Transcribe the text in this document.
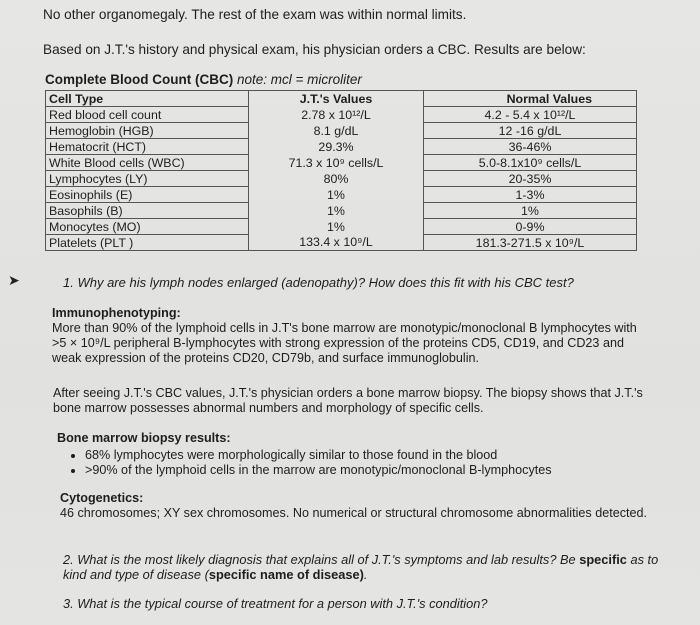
No other organomegaly. The rest of the exam was within normal limits.
Based on J.T.'s history and physical exam, his physician orders a CBC. Results are below:
Complete Blood Count (CBC) note: mcl = microliter
Cell Type	J.T.'s Values	Normal Values
Red blood cell count	2.78 x 10¹²/L	4.2 - 5.4 x 10¹²/L
Hemoglobin (HGB)	8.1 g/dL	12 -16 g/dL
Hematocrit (HCT)	29.3%	36-46%
White Blood cells (WBC)	71.3 x 10⁹ cells/L	5.0-8.1x10⁹ cells/L
Lymphocytes (LY)	80%	20-35%
Eosinophils (E)	1%	1-3%
Basophils (B)	1%	1%
Monocytes (MO)	1%	0-9%
Platelets (PLT )	133.4 x 10⁹/L	181.3-271.5 x 10⁹/L
➤	1. Why are his lymph nodes enlarged (adenopathy)? How does this fit with his CBC test?
Immunophenotyping:
More than 90% of the lymphoid cells in J.T's bone marrow are monotypic/monoclonal B lymphocytes with >5 × 10⁹/L peripheral B-lymphocytes with strong expression of the proteins CD5, CD19, and CD23 and weak expression of the proteins CD20, CD79b, and surface immunoglobulin.
After seeing J.T.'s CBC values, J.T.'s physician orders a bone marrow biopsy. The biopsy shows that J.T.'s bone marrow possesses abnormal numbers and morphology of specific cells.
Bone marrow biopsy results:
• 68% lymphocytes were morphologically similar to those found in the blood
• >90% of the lymphoid cells in the marrow are monotypic/monoclonal B-lymphocytes
Cytogenetics:
46 chromosomes; XY sex chromosomes. No numerical or structural chromosome abnormalities detected.
2. What is the most likely diagnosis that explains all of J.T.'s symptoms and lab results? Be specific as to kind and type of disease (specific name of disease).
3. What is the typical course of treatment for a person with J.T.'s condition?
